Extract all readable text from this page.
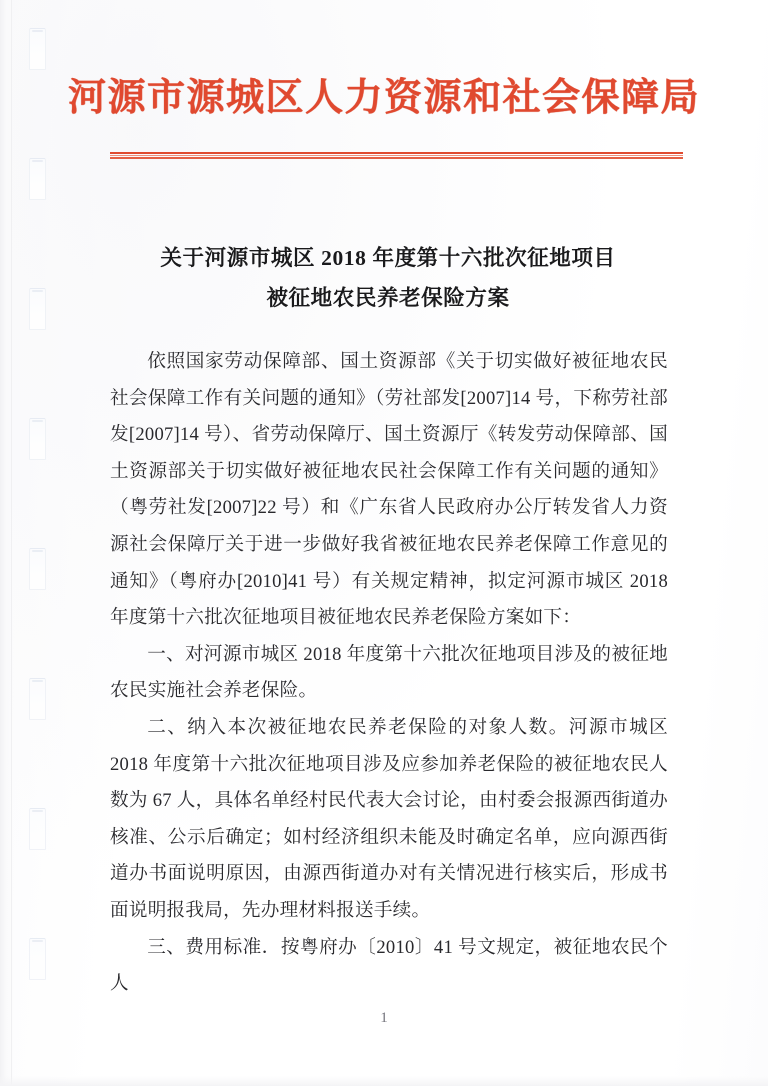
河源市源城区人力资源和社会保障局
关于河源市城区 2018 年度第十六批次征地项目
被征地农民养老保险方案

依照国家劳动保障部、国土资源部《关于切实做好被征地农民社会保障工作有关问题的通知》（劳社部发[2007]14 号，下称劳社部发[2007]14 号）、省劳动保障厅、国土资源厅《转发劳动保障部、国土资源部关于切实做好被征地农民社会保障工作有关问题的通知》（粤劳社发[2007]22 号）和《广东省人民政府办公厅转发省人力资源社会保障厅关于进一步做好我省被征地农民养老保障工作意见的通知》（粤府办[2010]41 号）有关规定精神，拟定河源市城区 2018 年度第十六批次征地项目被征地农民养老保险方案如下：

一、对河源市城区 2018 年度第十六批次征地项目涉及的被征地农民实施社会养老保险。

二、纳入本次被征地农民养老保险的对象人数。河源市城区 2018 年度第十六批次征地项目涉及应参加养老保险的被征地农民人数为 67 人，具体名单经村民代表大会讨论，由村委会报源西街道办核准、公示后确定；如村经济组织未能及时确定名单，应向源西街道办书面说明原因，由源西街道办对有关情况进行核实后，形成书面说明报我局，先办理材料报送手续。

三、费用标准．按粤府办〔2010〕41 号文规定，被征地农民个人

1
